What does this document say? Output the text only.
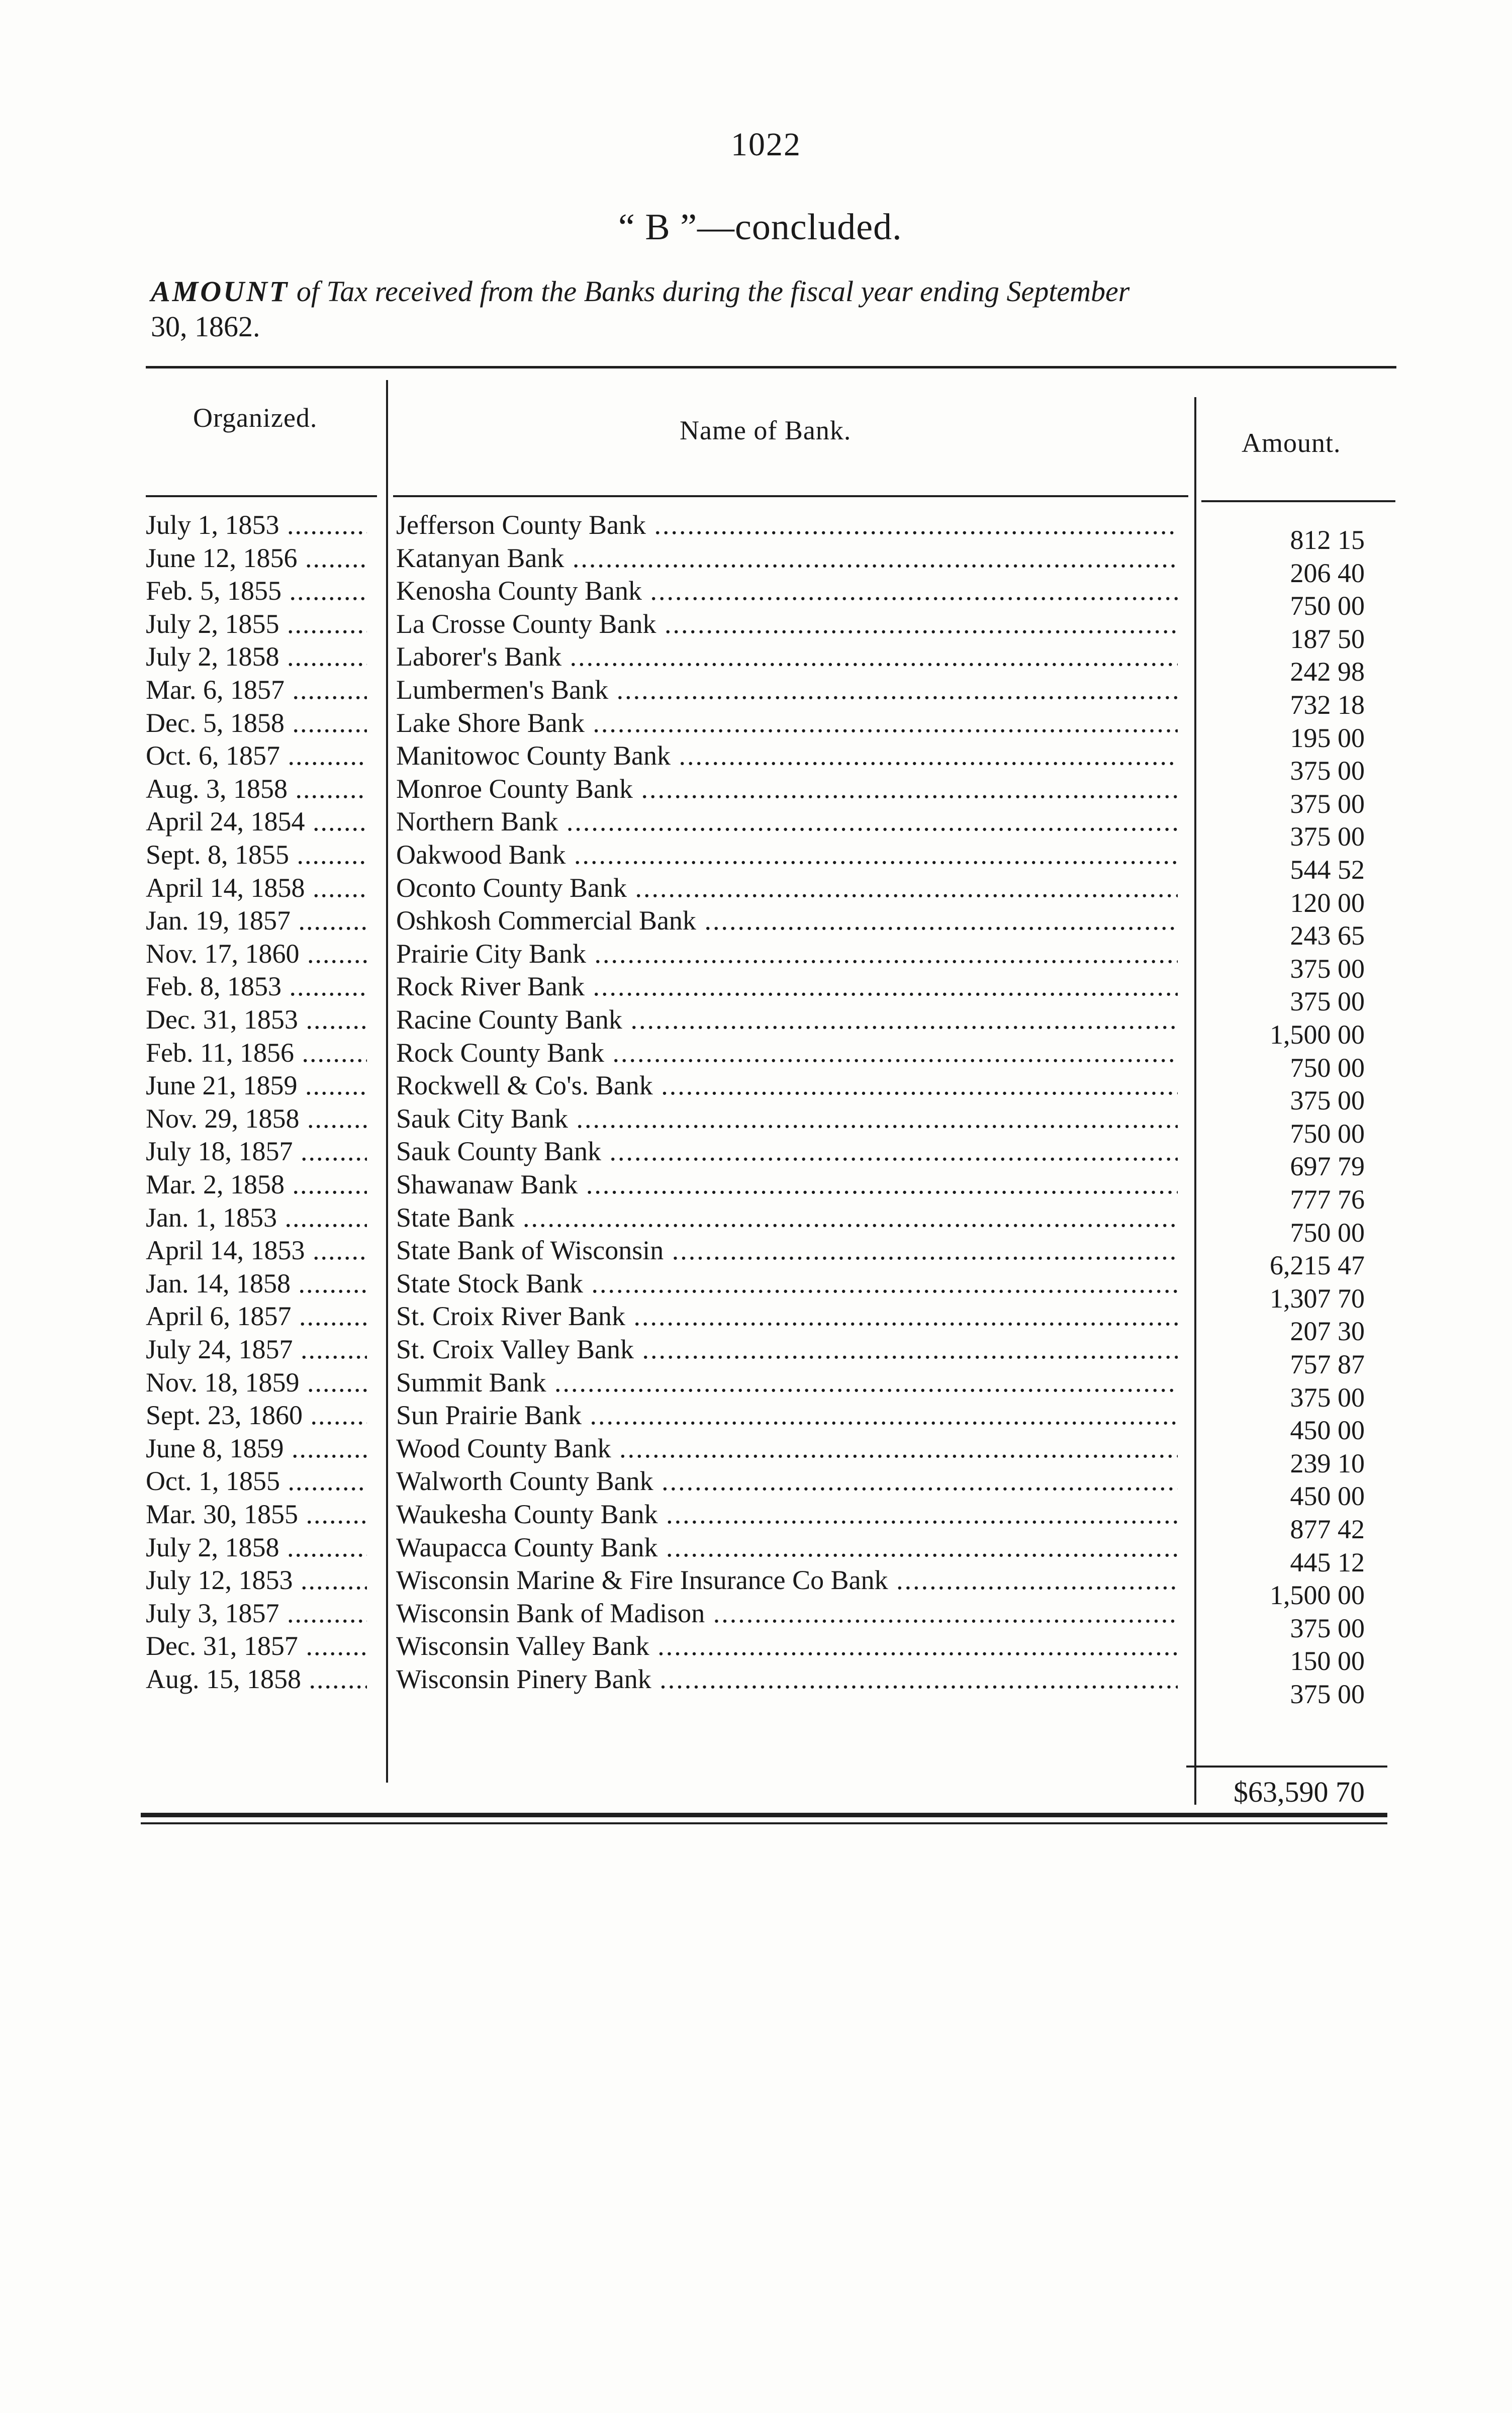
1022
“ B ”—concluded.
AMOUNT of Tax received from the Banks during the fiscal year ending September
30, 1862.
Organized.	Name of Bank.	Amount.
July 1, 1853 .....	Jefferson County Bank .....	812 15
June 12, 1856 .....	Katanyan Bank .....	206 40
Feb. 5, 1855 .....	Kenosha County Bank .....	750 00
July 2, 1855 .....	La Crosse County Bank .....	187 50
July 2, 1858 .....	Laborer's Bank .....	242 98
Mar. 6, 1857 .....	Lumbermen's Bank .....	732 18
Dec. 5, 1858 .....	Lake Shore Bank .....	195 00
Oct. 6, 1857 .....	Manitowoc County Bank .....	375 00
Aug. 3, 1858 .....	Monroe County Bank .....	375 00
April 24, 1854 .....	Northern Bank .....	375 00
Sept. 8, 1855 .....	Oakwood Bank .....	544 52
April 14, 1858 .....	Oconto County Bank .....	120 00
Jan. 19, 1857 .....	Oshkosh Commercial Bank .....	243 65
Nov. 17, 1860 .....	Prairie City Bank .....	375 00
Feb. 8, 1853 .....	Rock River Bank .....	375 00
Dec. 31, 1853 .....	Racine County Bank .....	1,500 00
Feb. 11, 1856 .....	Rock County Bank .....	750 00
June 21, 1859 .....	Rockwell & Co's. Bank .....	375 00
Nov. 29, 1858 .....	Sauk City Bank .....	750 00
July 18, 1857 .....	Sauk County Bank .....	697 79
Mar. 2, 1858 .....	Shawanaw Bank .....	777 76
Jan. 1, 1853 .....	State Bank .....	750 00
April 14, 1853 .....	State Bank of Wisconsin .....	6,215 47
Jan. 14, 1858 .....	State Stock Bank .....	1,307 70
April 6, 1857 .....	St. Croix River Bank .....	207 30
July 24, 1857 .....	St. Croix Valley Bank .....	757 87
Nov. 18, 1859 .....	Summit Bank .....	375 00
Sept. 23, 1860 .....	Sun Prairie Bank .....	450 00
June 8, 1859 .....	Wood County Bank .....	239 10
Oct. 1, 1855 .....	Walworth County Bank .....	450 00
Mar. 30, 1855 .....	Waukesha County Bank .....	877 42
July 2, 1858 .....	Waupacca County Bank .....	445 12
July 12, 1853 .....	Wisconsin Marine & Fire Insurance Co Bank .....	1,500 00
July 3, 1857 .....	Wisconsin Bank of Madison .....	375 00
Dec. 31, 1857 .....	Wisconsin Valley Bank .....	150 00
Aug. 15, 1858 .....	Wisconsin Pinery Bank .....	375 00
$63,590 70
